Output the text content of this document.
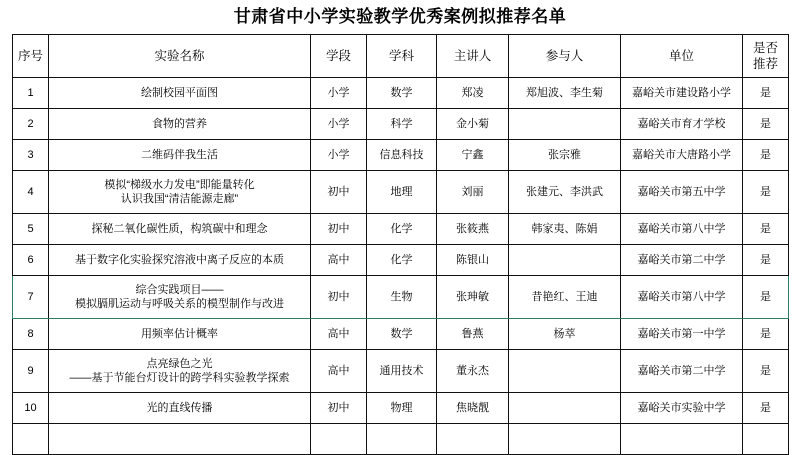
甘肃省中小学实验教学优秀案例拟推荐名单
序号	实验名称	学段	学科	主讲人	参与人	单位	是否
推荐

1	绘制校园平面图	小学	数学	郑凌	郑旭波、李生菊	嘉峪关市建设路小学	是
2	食物的营养	小学	科学	金小菊		嘉峪关市育才学校	是
3	二维码伴我生活	小学	信息科技	宁鑫	张宗雅	嘉峪关市大唐路小学	是
4	模拟“梯级水力发电”即能量转化
认识我国“清洁能源走廊”	初中	地理	刘丽	张建元、李洪武	嘉峪关市第五中学	是
5	探秘二氧化碳性质，构筑碳中和理念	初中	化学	张筱燕	韩家夷、陈娟	嘉峪关市第八中学	是
6	基于数字化实验探究溶液中离子反应的本质	高中	化学	陈银山		嘉峪关市第二中学	是
7	综合实践项目——
模拟膈肌运动与呼吸关系的模型制作与改进	初中	生物	张珅敏	昔艳红、王迪	嘉峪关市第八中学	是
8	用频率估计概率	高中	数学	鲁燕	杨萃	嘉峪关市第一中学	是
9	点亮绿色之光
——基于节能台灯设计的跨学科实验教学探索	高中	通用技术	董永杰		嘉峪关市第二中学	是
10	光的直线传播	初中	物理	焦晓靓		嘉峪关市实验中学	是
